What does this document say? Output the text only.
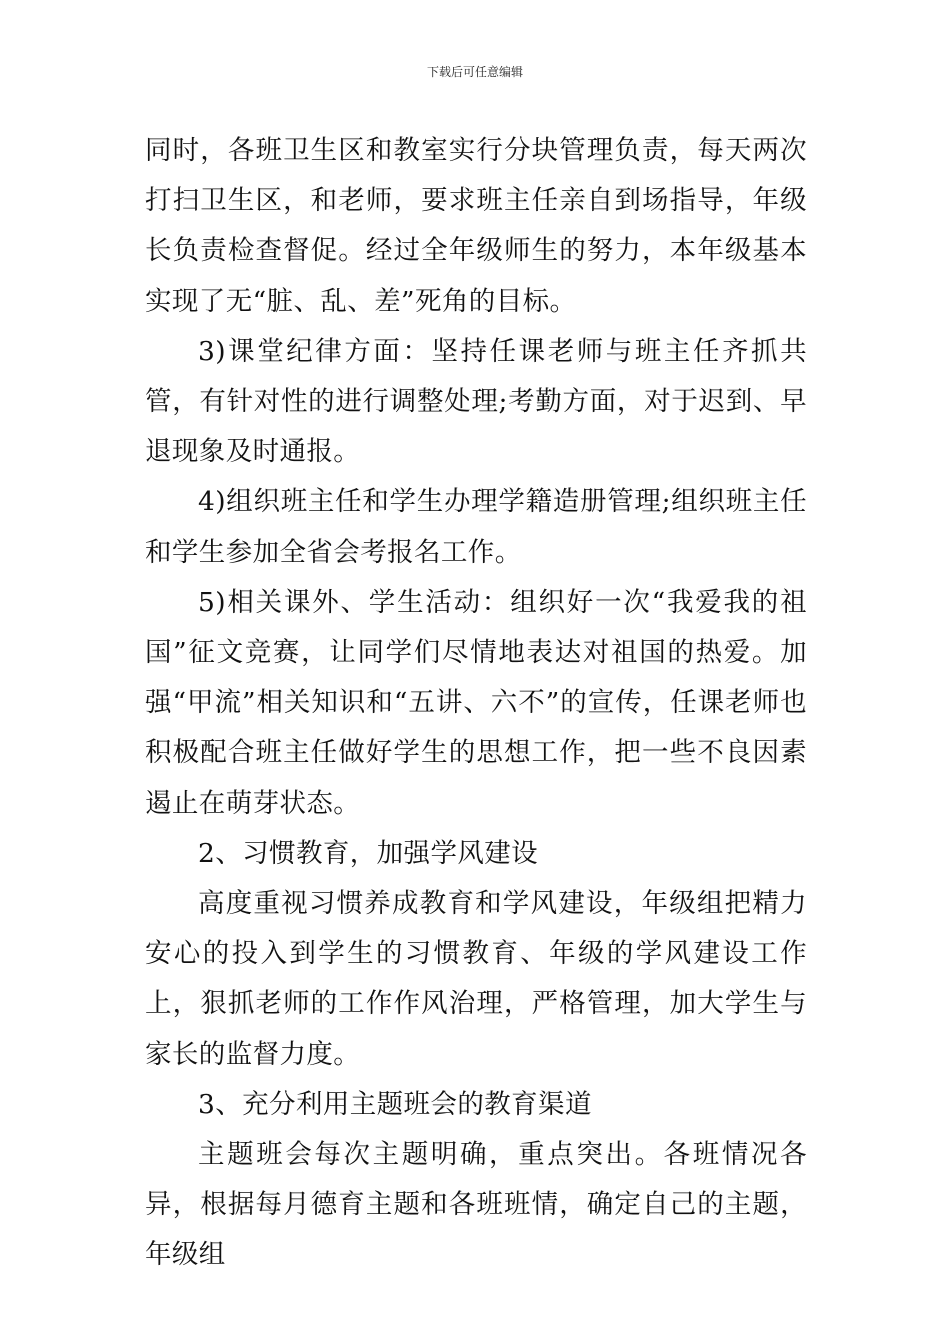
下载后可任意编辑

同时，各班卫生区和教室实行分块管理负责，每天两次打扫卫生区，和老师，要求班主任亲自到场指导，年级长负责检查督促。经过全年级师生的努力，本年级基本实现了无“脏、乱、差”死角的目标。

3)课堂纪律方面：坚持任课老师与班主任齐抓共管，有针对性的进行调整处理;考勤方面，对于迟到、早退现象及时通报。

4)组织班主任和学生办理学籍造册管理;组织班主任和学生参加全省会考报名工作。

5)相关课外、学生活动：组织好一次“我爱我的祖国”征文竞赛，让同学们尽情地表达对祖国的热爱。加强“甲流”相关知识和“五讲、六不”的宣传，任课老师也积极配合班主任做好学生的思想工作，把一些不良因素遏止在萌芽状态。

2、习惯教育，加强学风建设

高度重视习惯养成教育和学风建设，年级组把精力安心的投入到学生的习惯教育、年级的学风建设工作上，狠抓老师的工作作风治理，严格管理，加大学生与家长的监督力度。

3、充分利用主题班会的教育渠道

主题班会每次主题明确，重点突出。各班情况各异，根据每月德育主题和各班班情，确定自己的主题，年级组
